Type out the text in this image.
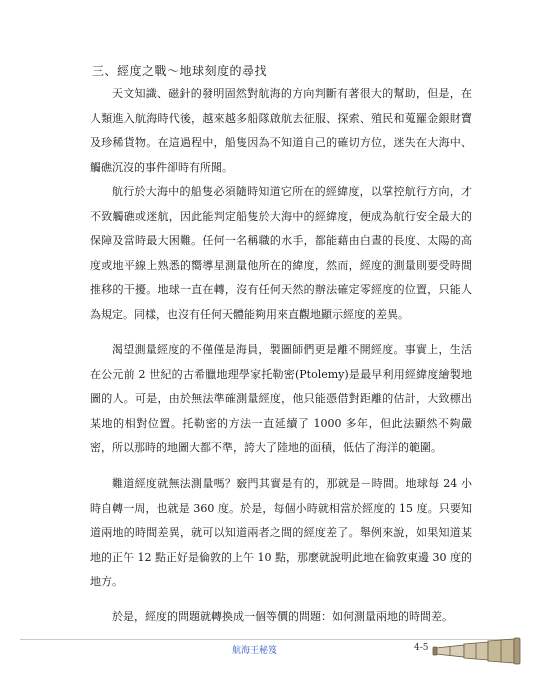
三、經度之戰～地球刻度的尋找

天文知識、磁針的發明固然對航海的方向判斷有著很大的幫助，但是，在人類進入航海時代後，越來越多船隊啟航去征服、探索、殖民和蒐羅金銀財寶及珍稀貨物。在這過程中，船隻因為不知道自己的確切方位，迷失在大海中、觸礁沉沒的事件卻時有所聞。

航行於大海中的船隻必須隨時知道它所在的經緯度，以掌控航行方向，才不致觸礁或迷航，因此能判定船隻於大海中的經緯度，便成為航行安全最大的保障及當時最大困難。任何一名稱職的水手，都能藉由白晝的長度、太陽的高度或地平線上熟悉的嚮導星測量他所在的緯度，然而，經度的測量則要受時間推移的干擾。地球一直在轉，沒有任何天然的辦法確定零經度的位置，只能人為規定。同樣，也沒有任何天體能夠用來直觀地顯示經度的差異。

渴望測量經度的不僅僅是海員，製圖師們更是離不開經度。事實上，生活在公元前 2 世紀的古希臘地理學家托勒密(Ptolemy)是最早利用經緯度繪製地圖的人。可是，由於無法準確測量經度，他只能憑借對距離的估計，大致標出某地的相對位置。托勒密的方法一直延續了 1000 多年，但此法顯然不夠嚴密，所以那時的地圖大都不準，誇大了陸地的面積，低估了海洋的範圍。

難道經度就無法測量嗎？竅門其實是有的，那就是－時間。地球每 24 小時自轉一周，也就是 360 度。於是，每個小時就相當於經度的 15 度。只要知道兩地的時間差異，就可以知道兩者之間的經度差了。舉例來說，如果知道某地的正午 12 點正好是倫敦的上午 10 點，那麼就說明此地在倫敦東邊 30 度的地方。

於是，經度的問題就轉換成一個等價的問題：如何測量兩地的時間差。

航海王秘笈	4-5
